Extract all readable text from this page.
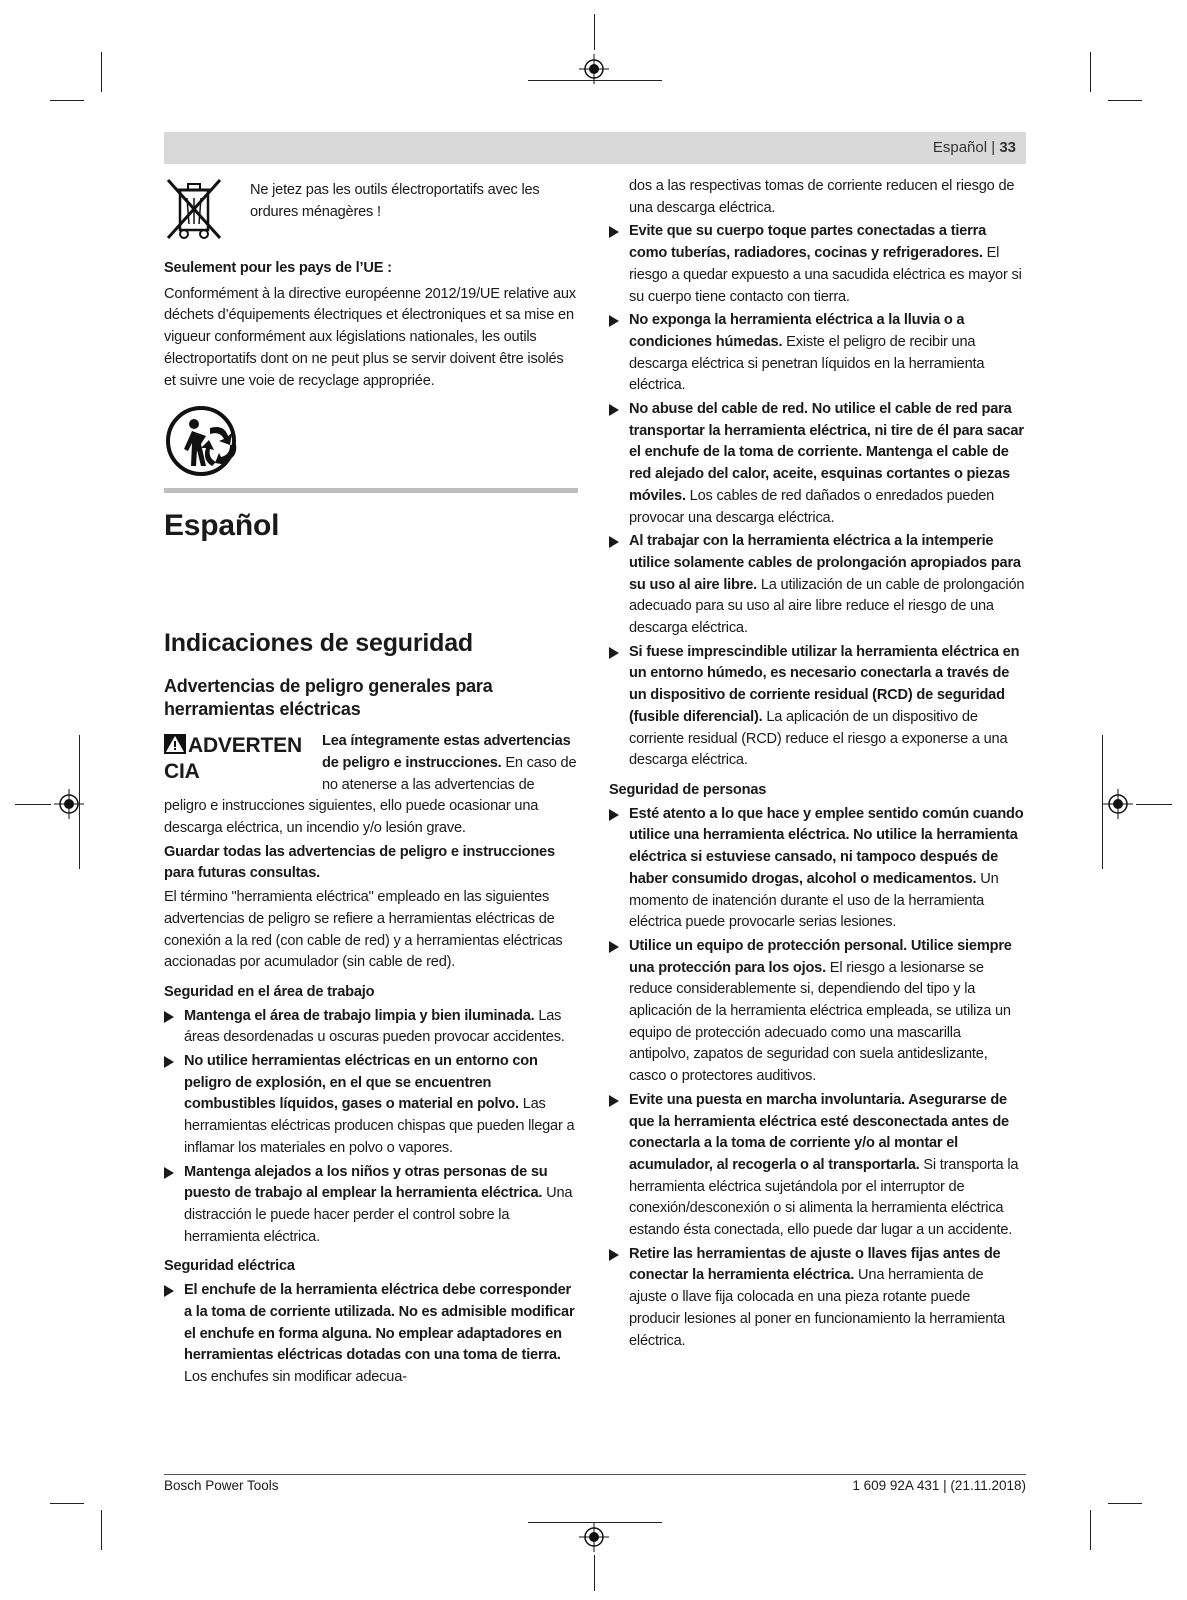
Español | 33

Ne jetez pas les outils électroportatifs avec les ordures ménagères !

Seulement pour les pays de l’UE :

Conformément à la directive européenne 2012/19/UE relative aux déchets d’équipements électriques et électroniques et sa mise en vigueur conformément aux législations nationales, les outils électroportatifs dont on ne peut plus se servir doivent être isolés et suivre une voie de recyclage appropriée.

Español
Indicaciones de seguridad
Advertencias de peligro generales para herramientas eléctricas
ADVERTENCIA

Lea íntegramente estas advertencias de peligro e instrucciones. En caso de no atenerse a las advertencias de peligro e instrucciones siguientes, ello puede ocasionar una descarga eléctrica, un incendio y/o lesión grave.

Guardar todas las advertencias de peligro e instrucciones para futuras consultas.

El término "herramienta eléctrica" empleado en las siguientes advertencias de peligro se refiere a herramientas eléctricas de conexión a la red (con cable de red) y a herramientas eléctricas accionadas por acumulador (sin cable de red).

Seguridad en el área de trabajo

Mantenga el área de trabajo limpia y bien iluminada. Las áreas desordenadas u oscuras pueden provocar accidentes.
No utilice herramientas eléctricas en un entorno con peligro de explosión, en el que se encuentren combustibles líquidos, gases o material en polvo. Las herramientas eléctricas producen chispas que pueden llegar a inflamar los materiales en polvo o vapores.
Mantenga alejados a los niños y otras personas de su puesto de trabajo al emplear la herramienta eléctrica. Una distracción le puede hacer perder el control sobre la herramienta eléctrica.

Seguridad eléctrica

El enchufe de la herramienta eléctrica debe corresponder a la toma de corriente utilizada. No es admisible modificar el enchufe en forma alguna. No emplear adaptadores en herramientas eléctricas dotadas con una toma de tierra. Los enchufes sin modificar adecua-

dos a las respectivas tomas de corriente reducen el riesgo de una descarga eléctrica.

Evite que su cuerpo toque partes conectadas a tierra como tuberías, radiadores, cocinas y refrigeradores. El riesgo a quedar expuesto a una sacudida eléctrica es mayor si su cuerpo tiene contacto con tierra.
No exponga la herramienta eléctrica a la lluvia o a condiciones húmedas. Existe el peligro de recibir una descarga eléctrica si penetran líquidos en la herramienta eléctrica.
No abuse del cable de red. No utilice el cable de red para transportar la herramienta eléctrica, ni tire de él para sacar el enchufe de la toma de corriente. Mantenga el cable de red alejado del calor, aceite, esquinas cortantes o piezas móviles. Los cables de red dañados o enredados pueden provocar una descarga eléctrica.
Al trabajar con la herramienta eléctrica a la intemperie utilice solamente cables de prolongación apropiados para su uso al aire libre. La utilización de un cable de prolongación adecuado para su uso al aire libre reduce el riesgo de una descarga eléctrica.
Si fuese imprescindible utilizar la herramienta eléctrica en un entorno húmedo, es necesario conectarla a través de un dispositivo de corriente residual (RCD) de seguridad (fusible diferencial). La aplicación de un dispositivo de corriente residual (RCD) reduce el riesgo a exponerse a una descarga eléctrica.

Seguridad de personas

Esté atento a lo que hace y emplee sentido común cuando utilice una herramienta eléctrica. No utilice la herramienta eléctrica si estuviese cansado, ni tampoco después de haber consumido drogas, alcohol o medicamentos. Un momento de inatención durante el uso de la herramienta eléctrica puede provocarle serias lesiones.
Utilice un equipo de protección personal. Utilice siempre una protección para los ojos. El riesgo a lesionarse se reduce considerablemente si, dependiendo del tipo y la aplicación de la herramienta eléctrica empleada, se utiliza un equipo de protección adecuado como una mascarilla antipolvo, zapatos de seguridad con suela antideslizante, casco o protectores auditivos.
Evite una puesta en marcha involuntaria. Asegurarse de que la herramienta eléctrica esté desconectada antes de conectarla a la toma de corriente y/o al montar el acumulador, al recogerla o al transportarla. Si transporta la herramienta eléctrica sujetándola por el interruptor de conexión/desconexión o si alimenta la herramienta eléctrica estando ésta conectada, ello puede dar lugar a un accidente.
Retire las herramientas de ajuste o llaves fijas antes de conectar la herramienta eléctrica. Una herramienta de ajuste o llave fija colocada en una pieza rotante puede producir lesiones al poner en funcionamiento la herramienta eléctrica.
Bosch Power Tools	1 609 92A 431 | (21.11.2018)
